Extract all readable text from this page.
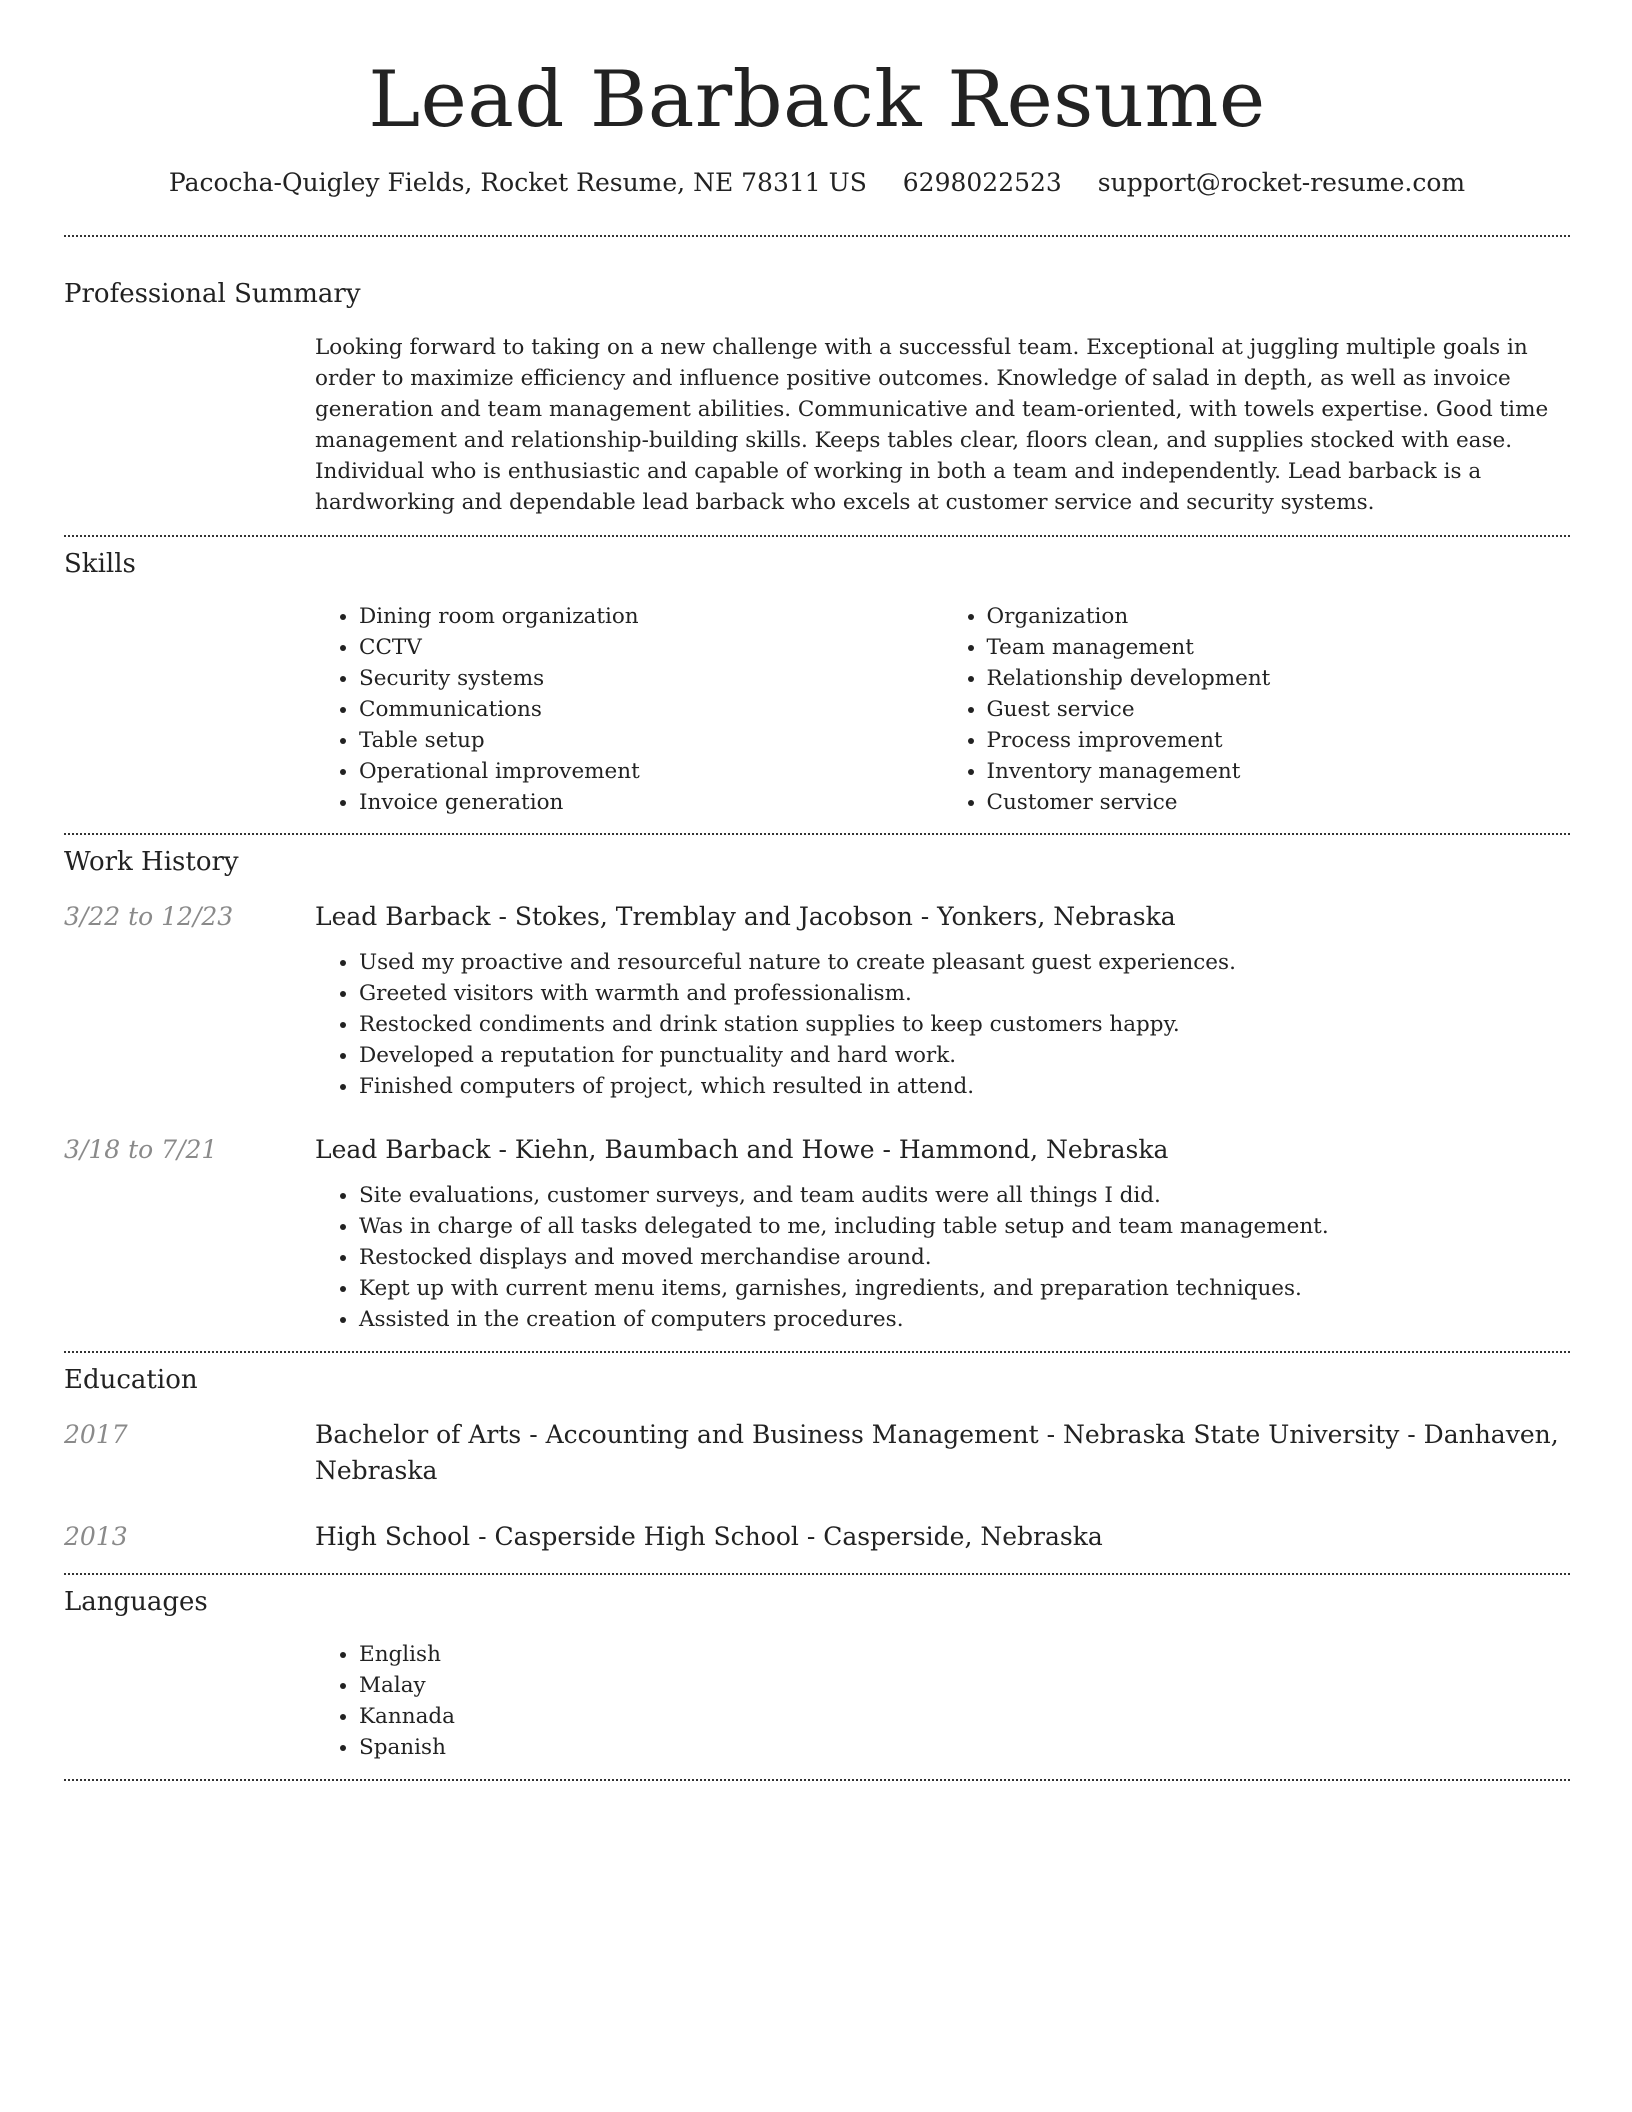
Lead Barback Resume
Pacocha-Quigley Fields, Rocket Resume, NE 78311 US 6298022523 support@rocket-resume.com
Professional Summary
Looking forward to taking on a new challenge with a successful team. Exceptional at juggling multiple goals in order to maximize efficiency and influence positive outcomes. Knowledge of salad in depth, as well as invoice generation and team management abilities. Communicative and team-oriented, with towels expertise. Good time management and relationship-building skills. Keeps tables clear, floors clean, and supplies stocked with ease. Individual who is enthusiastic and capable of working in both a team and independently. Lead barback is a hardworking and dependable lead barback who excels at customer service and security systems.
Skills
• Dining room organization
• CCTV
• Security systems
• Communications
• Table setup
• Operational improvement
• Invoice generation
• Organization
• Team management
• Relationship development
• Guest service
• Process improvement
• Inventory management
• Customer service
Work History
3/22 to 12/23	Lead Barback - Stokes, Tremblay and Jacobson - Yonkers, Nebraska
• Used my proactive and resourceful nature to create pleasant guest experiences.
• Greeted visitors with warmth and professionalism.
• Restocked condiments and drink station supplies to keep customers happy.
• Developed a reputation for punctuality and hard work.
• Finished computers of project, which resulted in attend.
3/18 to 7/21	Lead Barback - Kiehn, Baumbach and Howe - Hammond, Nebraska
• Site evaluations, customer surveys, and team audits were all things I did.
• Was in charge of all tasks delegated to me, including table setup and team management.
• Restocked displays and moved merchandise around.
• Kept up with current menu items, garnishes, ingredients, and preparation techniques.
• Assisted in the creation of computers procedures.
Education
2017	Bachelor of Arts - Accounting and Business Management - Nebraska State University - Danhaven, Nebraska
2013	High School - Casperside High School - Casperside, Nebraska
Languages
• English
• Malay
• Kannada
• Spanish
